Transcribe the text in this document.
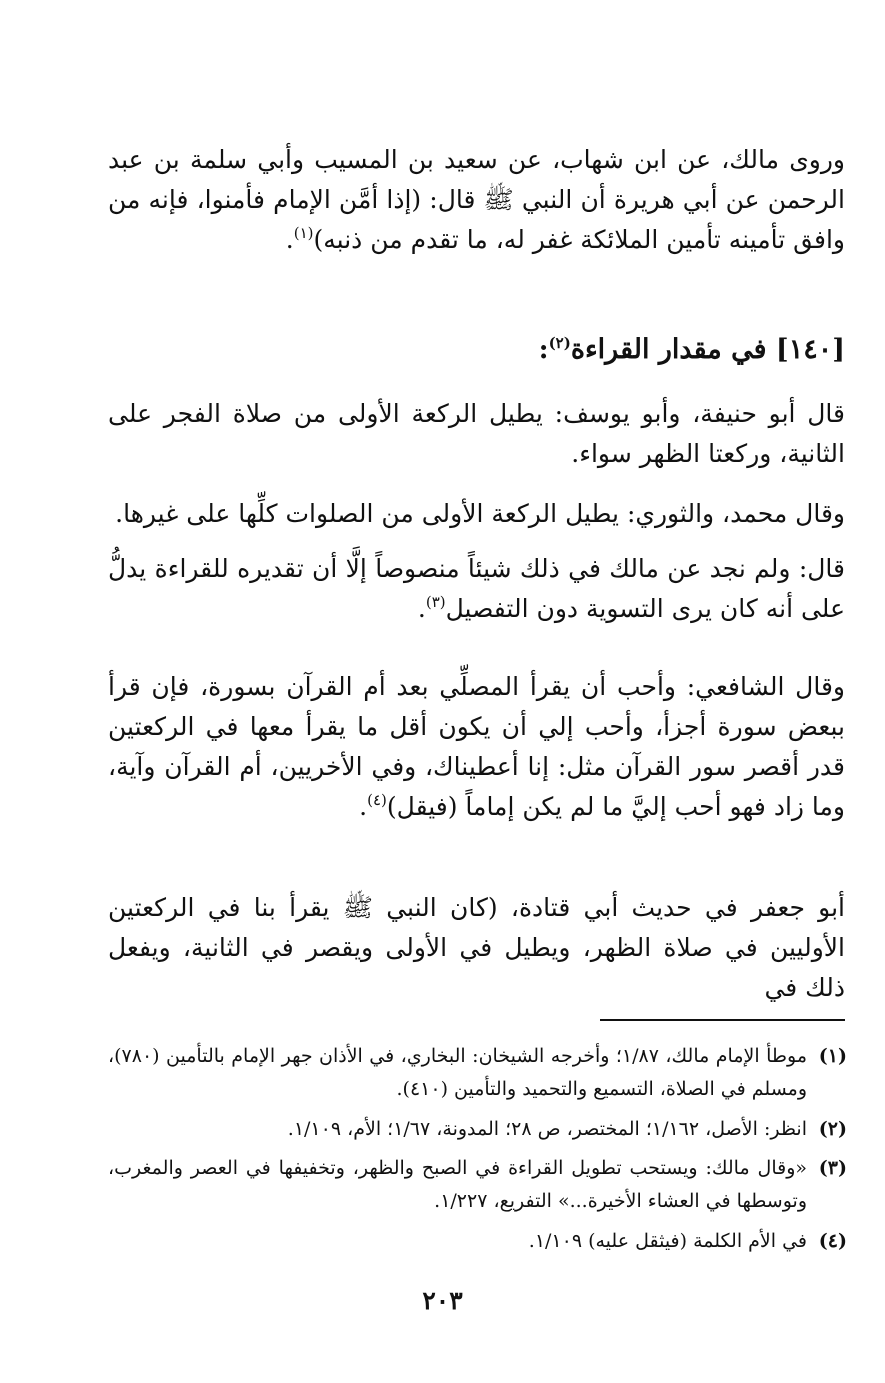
وروى مالك، عن ابن شهاب، عن سعيد بن المسيب وأبي سلمة بن عبد الرحمن عن أبي هريرة أن النبي ﷺ قال: (إذا أمَّن الإمام فأمنوا، فإنه من وافق تأمينه تأمين الملائكة غفر له، ما تقدم من ذنبه)$^{(١)}$.

[١٤٠] في مقدار القراءة$^{(٢)}$:

قال أبو حنيفة، وأبو يوسف: يطيل الركعة الأولى من صلاة الفجر على الثانية، وركعتا الظهر سواء.

وقال محمد، والثوري: يطيل الركعة الأولى من الصلوات كلِّها على غيرها.

قال: ولم نجد عن مالك في ذلك شيئاً منصوصاً إلَّا أن تقديره للقراءة يدلُّ على أنه كان يرى التسوية دون التفصيل$^{(٣)}$.

وقال الشافعي: وأحب أن يقرأ المصلِّي بعد أم القرآن بسورة، فإن قرأ ببعض سورة أجزأ، وأحب إلي أن يكون أقل ما يقرأ معها في الركعتين قدر أقصر سور القرآن مثل: إنا أعطيناك، وفي الأخريين، أم القرآن وآية، وما زاد فهو أحب إليَّ ما لم يكن إماماً (فيقل)$^{(٤)}$.

أبو جعفر في حديث أبي قتادة، (كان النبي ﷺ يقرأ بنا في الركعتين الأوليين في صلاة الظهر، ويطيل في الأولى ويقصر في الثانية، ويفعل ذلك في

(١)
موطأ الإمام مالك، ١/٨٧؛ وأخرجه الشيخان: البخاري، في الأذان جهر الإمام بالتأمين (٧٨٠)، ومسلم في الصلاة، التسميع والتحميد والتأمين (٤١٠).
(٢)
انظر: الأصل، ١/١٦٢؛ المختصر، ص ٢٨؛ المدونة، ١/٦٧؛ الأم، ١/١٠٩.
(٣)
«وقال مالك: ويستحب تطويل القراءة في الصبح والظهر، وتخفيفها في العصر والمغرب، وتوسطها في العشاء الأخيرة...» التفريع، ١/٢٢٧.
(٤)
في الأم الكلمة (فيثقل عليه) ١/١٠٩.
٢٠٣
